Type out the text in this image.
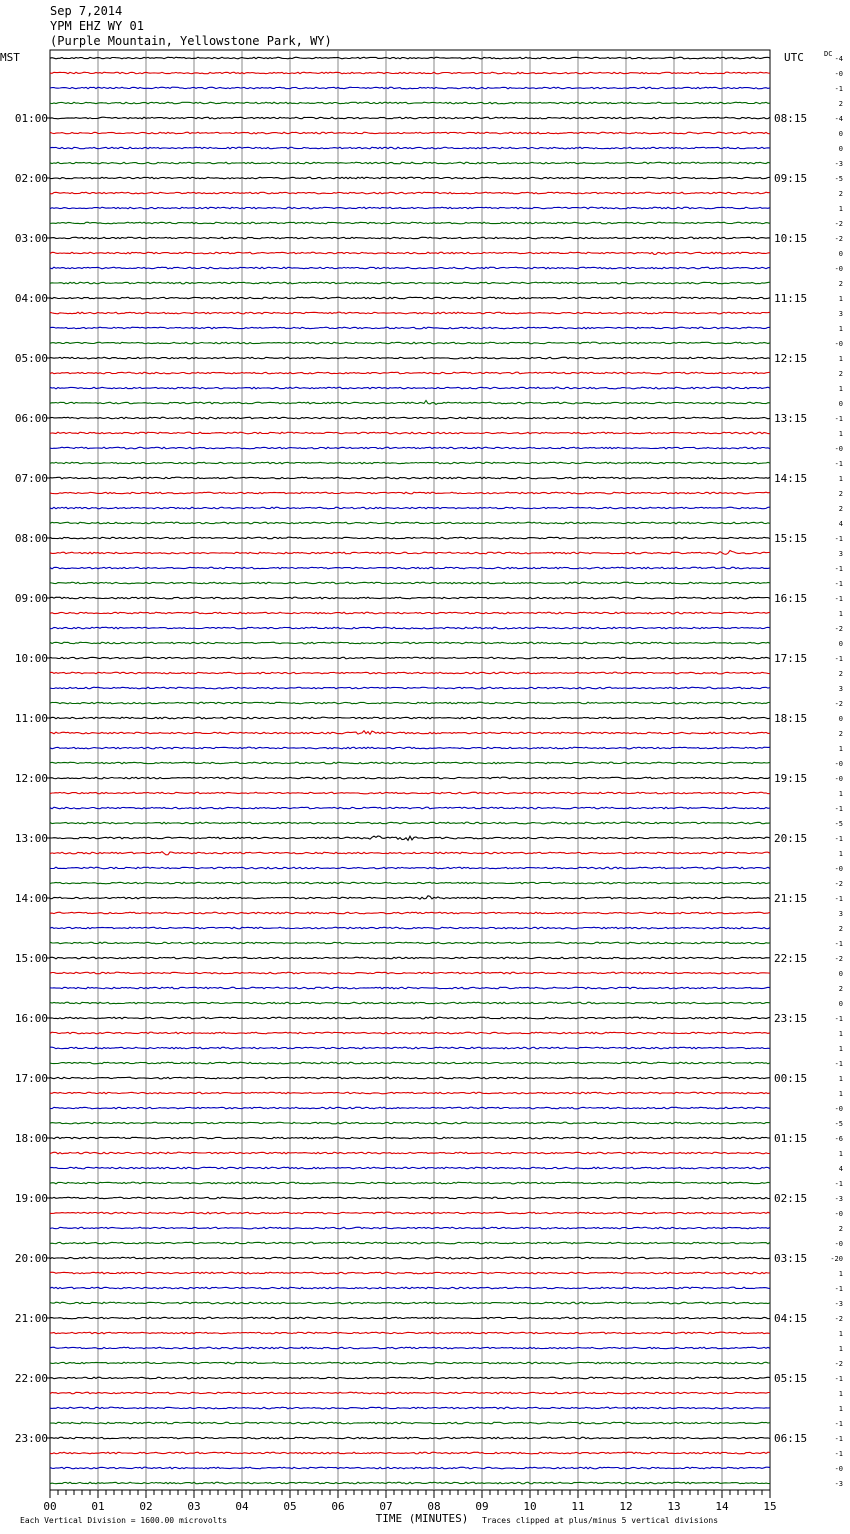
Sep 7,2014
YPM EHZ WY 01
(Purple Mountain, Yellowstone Park, WY)
-4
-0
-1
2
-4
0
0
-3
-5
2
1
-2
-2
0
-0
2
1
3
1
-0
1
2
1
0
-1
1
-0
-1
1
2
2
4
-1
3
-1
-1
-1
1
-2
0
-1
2
3
-2
0
2
1
-0
-0
1
-1
-5
-1
1
-0
-2
-1
3
2
-1
-2
0
2
0
-1
1
1
-1
1
1
-0
-5
-6
1
4
-1
-3
-0
2
-0
-20
1
-1
-3
-2
1
1
-2
-1
1
1
-1
-1
-1
-0
-3
MST	UTC	DC
01:00
02:00
03:00
04:00
05:00
06:00
07:00
08:00
09:00
10:00
11:00
12:00
13:00
14:00
15:00
16:00
17:00
18:00
19:00
20:00
21:00
22:00
23:00
08:15
09:15
10:15
11:15
12:15
13:15
14:15
15:15
16:15
17:15
18:15
19:15
20:15
21:15
22:15
23:15
00:15
01:15
02:15
03:15
04:15
05:15
06:15
00	01	02	03	04	05	06	07	08	09	10	11	12	13	14	15
TIME (MINUTES)
Each Vertical Division = 1600.00 microvolts	Traces clipped at plus/minus 5 vertical divisions
